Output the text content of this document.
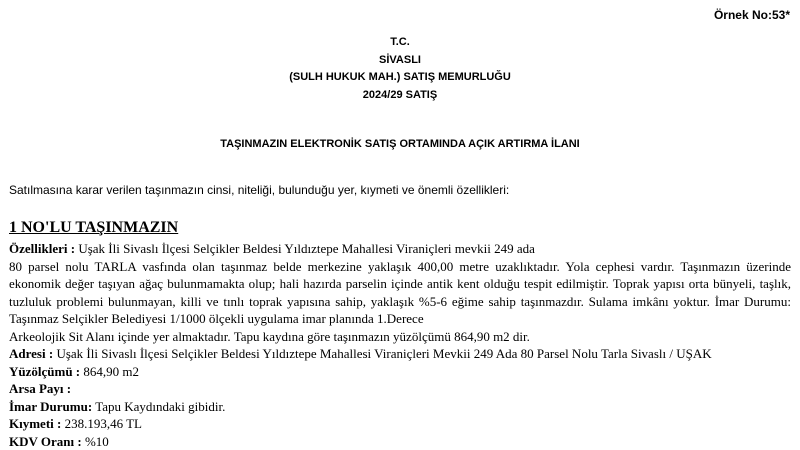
Örnek No:53*
T.C.
SİVASLI
(SULH HUKUK MAH.) SATIŞ MEMURLUĞU
2024/29 SATIŞ
TAŞINMAZIN ELEKTRONİK SATIŞ ORTAMINDA AÇIK ARTIRMA İLANI
Satılmasına karar verilen taşınmazın cinsi, niteliği, bulunduğu yer, kıymeti ve önemli özellikleri:
1 NO'LU TAŞINMAZIN

Özellikleri : Uşak İli Sivaslı İlçesi Selçikler Beldesi Yıldıztepe Mahallesi Viraniçleri mevkii 249 ada

80 parsel nolu TARLA vasfında olan taşınmaz belde merkezine yaklaşık 400,00 metre uzaklıktadır. Yola cephesi vardır. Taşınmazın üzerinde ekonomik değer taşıyan ağaç bulunmamakta olup; hali hazırda parselin içinde antik kent olduğu tespit edilmiştir. Toprak yapısı orta bünyeli, taşlık, tuzluluk problemi bulunmayan, killi ve tınlı toprak yapısına sahip, yaklaşık %5-6 eğime sahip taşınmazdır. Sulama imkânı yoktur. İmar Durumu: Taşınmaz Selçikler Belediyesi 1/1000 ölçekli uygulama imar planında 1.Derece

Arkeolojik Sit Alanı içinde yer almaktadır. Tapu kaydına göre taşınmazın yüzölçümü 864,90 m2 dir.

Adresi : Uşak İli Sivaslı İlçesi Selçikler Beldesi Yıldıztepe Mahallesi Viraniçleri Mevkii 249 Ada 80 Parsel Nolu Tarla Sivaslı / UŞAK

Yüzölçümü : 864,90 m2

Arsa Payı :

İmar Durumu: Tapu Kaydındaki gibidir.

Kıymeti : 238.193,46 TL

KDV Oranı : %10
